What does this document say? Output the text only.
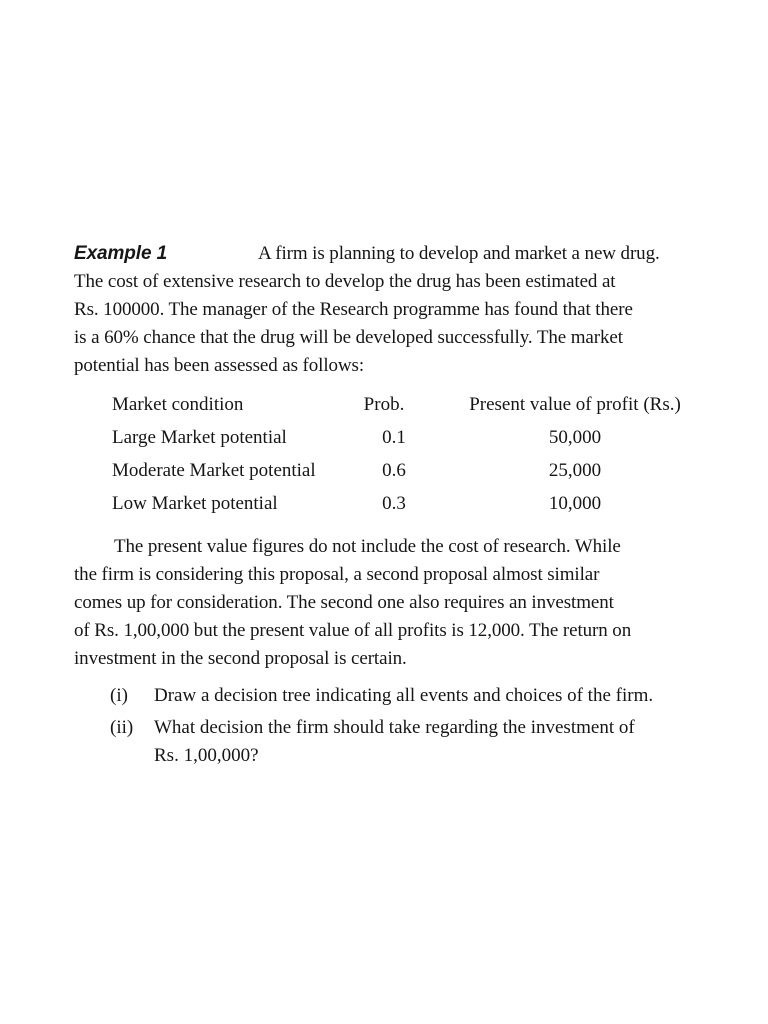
Example 1	A firm is planning to develop and market a new drug.
The cost of extensive research to develop the drug has been estimated at
Rs. 100000. The manager of the Research programme has found that there
is a 60% chance that the drug will be developed successfully. The market
potential has been assessed as follows:
Market condition	Prob.	Present value of profit (Rs.)
Large Market potential	0.1	50,000
Moderate Market potential	0.6	25,000
Low Market potential	0.3	10,000
The present value figures do not include the cost of research. While
the firm is considering this proposal, a second proposal almost similar
comes up for consideration. The second one also requires an investment
of Rs. 1,00,000 but the present value of all profits is 12,000. The return on
investment in the second proposal is certain.
(i) Draw a decision tree indicating all events and choices of the firm.
(ii) What decision the firm should take regarding the investment of
Rs. 1,00,000?
